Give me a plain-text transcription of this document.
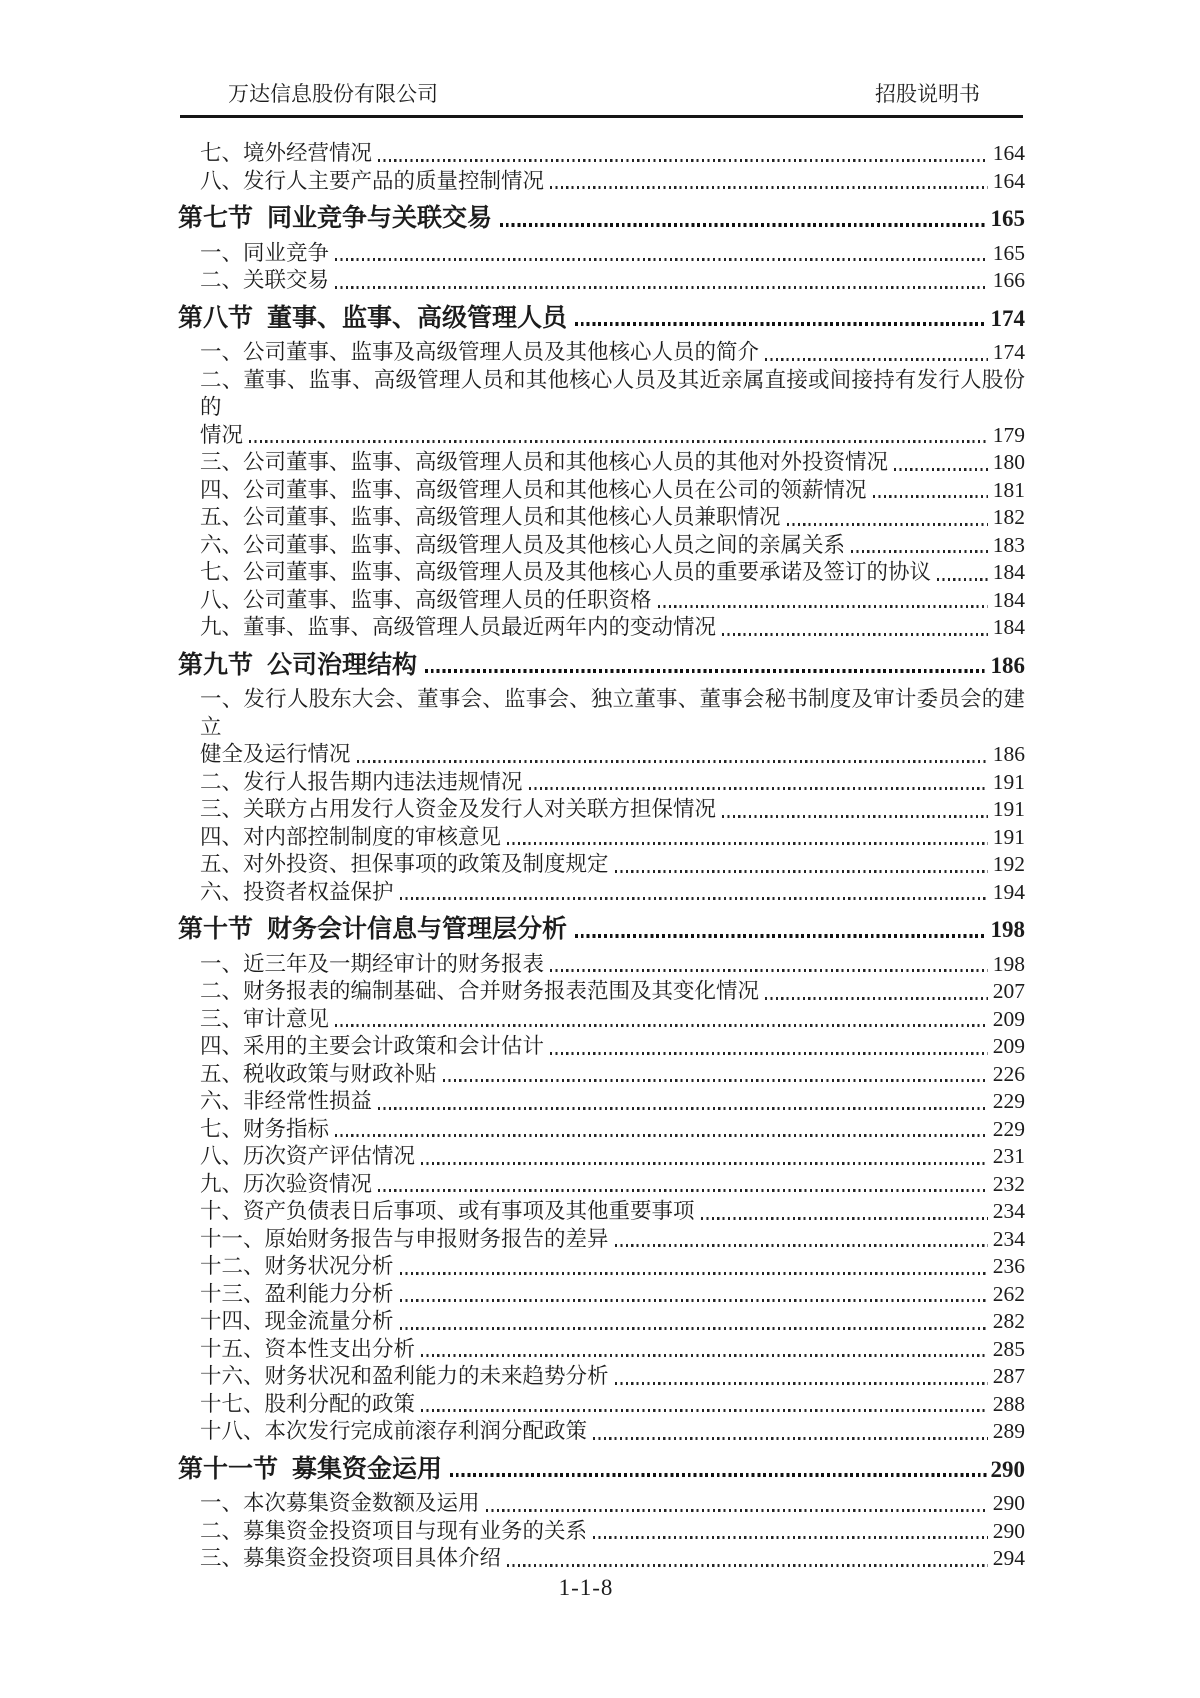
万达信息股份有限公司	招股说明书
七、境外经营情况	164
八、发行人主要产品的质量控制情况	164
第七节 同业竞争与关联交易	165
一、同业竞争	165
二、关联交易	166
第八节 董事、监事、高级管理人员	174
一、公司董事、监事及高级管理人员及其他核心人员的简介	174
二、董事、监事、高级管理人员和其他核心人员及其近亲属直接或间接持有发行人股份的
情况	179
三、公司董事、监事、高级管理人员和其他核心人员的其他对外投资情况	180
四、公司董事、监事、高级管理人员和其他核心人员在公司的领薪情况	181
五、公司董事、监事、高级管理人员和其他核心人员兼职情况	182
六、公司董事、监事、高级管理人员及其他核心人员之间的亲属关系	183
七、公司董事、监事、高级管理人员及其他核心人员的重要承诺及签订的协议	184
八、公司董事、监事、高级管理人员的任职资格	184
九、董事、监事、高级管理人员最近两年内的变动情况	184
第九节 公司治理结构	186
一、发行人股东大会、董事会、监事会、独立董事、董事会秘书制度及审计委员会的建立
健全及运行情况	186
二、发行人报告期内违法违规情况	191
三、关联方占用发行人资金及发行人对关联方担保情况	191
四、对内部控制制度的审核意见	191
五、对外投资、担保事项的政策及制度规定	192
六、投资者权益保护	194
第十节 财务会计信息与管理层分析	198
一、近三年及一期经审计的财务报表	198
二、财务报表的编制基础、合并财务报表范围及其变化情况	207
三、审计意见	209
四、采用的主要会计政策和会计估计	209
五、税收政策与财政补贴	226
六、非经常性损益	229
七、财务指标	229
八、历次资产评估情况	231
九、历次验资情况	232
十、资产负债表日后事项、或有事项及其他重要事项	234
十一、原始财务报告与申报财务报告的差异	234
十二、财务状况分析	236
十三、盈利能力分析	262
十四、现金流量分析	282
十五、资本性支出分析	285
十六、财务状况和盈利能力的未来趋势分析	287
十七、股利分配的政策	288
十八、本次发行完成前滚存利润分配政策	289
第十一节 募集资金运用	290
一、本次募集资金数额及运用	290
二、募集资金投资项目与现有业务的关系	290
三、募集资金投资项目具体介绍	294
1-1-8
